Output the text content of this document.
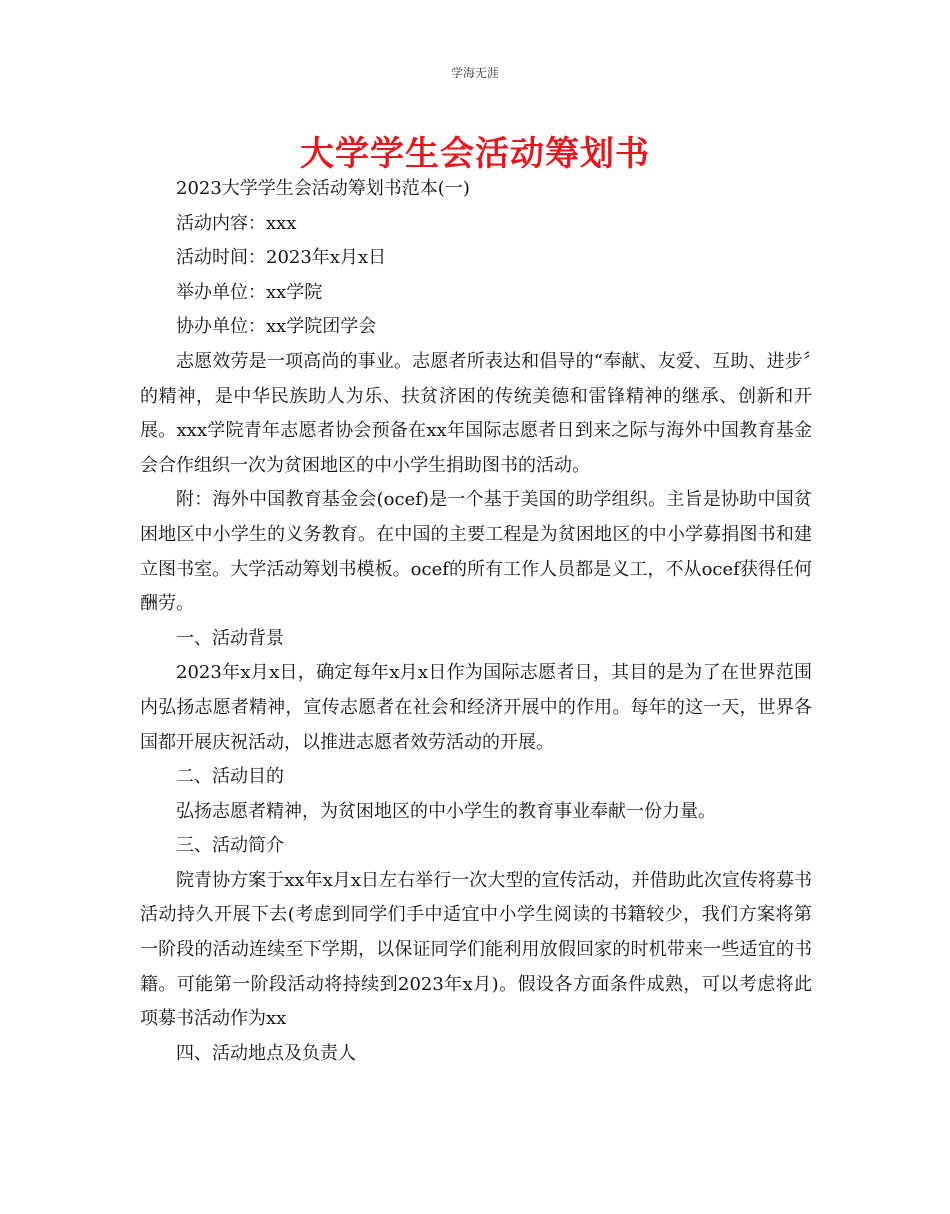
学海无涯
大学学生会活动筹划书

2023大学学生会活动筹划书范本(一)

活动内容：xxx

活动时间：2023年x月x日

举办单位：xx学院

协办单位：xx学院团学会

志愿效劳是一项高尚的事业。志愿者所表达和倡导的“奉献、友爱、互助、进步〞的精神，是中华民族助人为乐、扶贫济困的传统美德和雷锋精神的继承、创新和开展。xxx学院青年志愿者协会预备在xx年国际志愿者日到来之际与海外中国教育基金会合作组织一次为贫困地区的中小学生捐助图书的活动。

附：海外中国教育基金会(ocef)是一个基于美国的助学组织。主旨是协助中国贫困地区中小学生的义务教育。在中国的主要工程是为贫困地区的中小学募捐图书和建立图书室。大学活动筹划书模板。ocef的所有工作人员都是义工，不从ocef获得任何酬劳。

一、活动背景

2023年x月x日，确定每年x月x日作为国际志愿者日，其目的是为了在世界范围内弘扬志愿者精神，宣传志愿者在社会和经济开展中的作用。每年的这一天，世界各国都开展庆祝活动，以推进志愿者效劳活动的开展。

二、活动目的

弘扬志愿者精神，为贫困地区的中小学生的教育事业奉献一份力量。

三、活动简介

院青协方案于xx年x月x日左右举行一次大型的宣传活动，并借助此次宣传将募书活动持久开展下去(考虑到同学们手中适宜中小学生阅读的书籍较少，我们方案将第一阶段的活动连续至下学期，以保证同学们能利用放假回家的时机带来一些适宜的书籍。可能第一阶段活动将持续到2023年x月)。假设各方面条件成熟，可以考虑将此项募书活动作为xx

四、活动地点及负责人
